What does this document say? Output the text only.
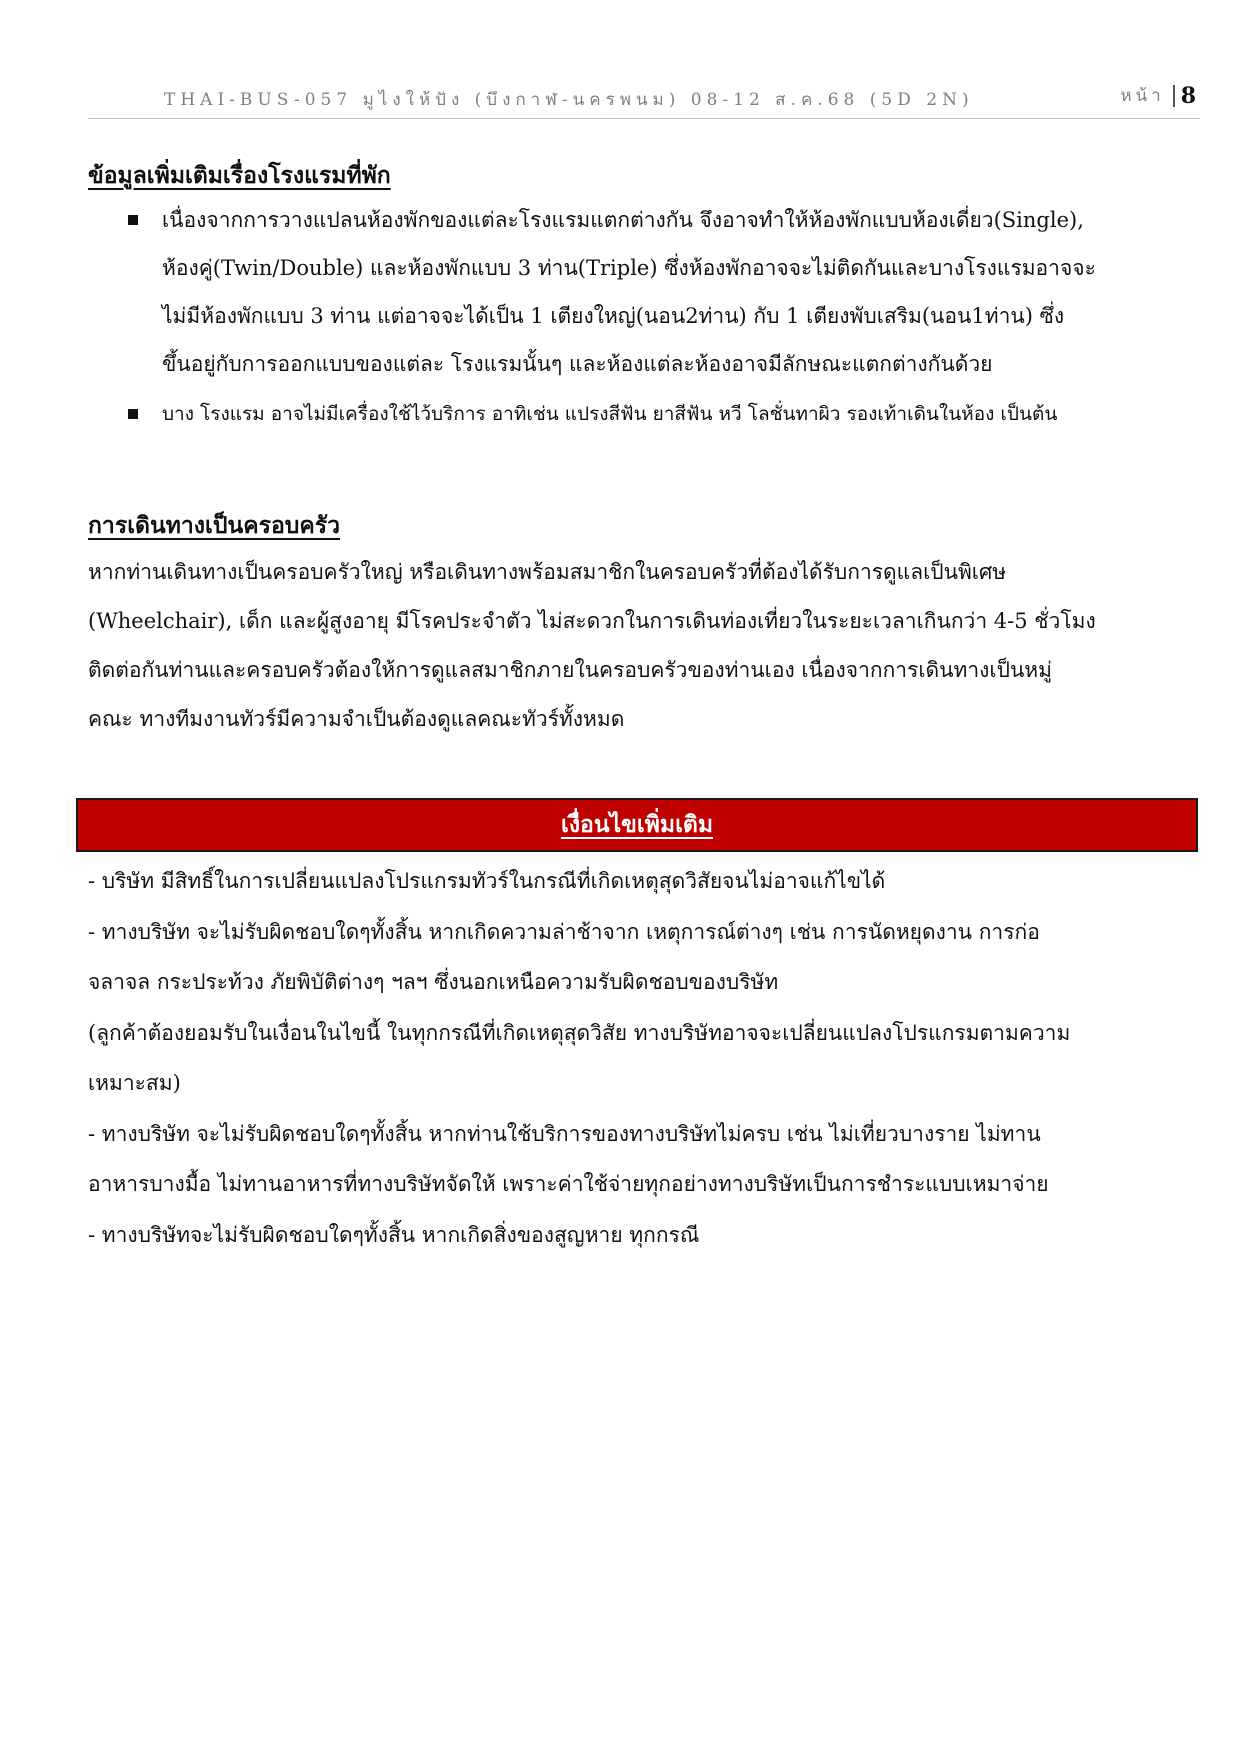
THAI-BUS-057 มูไงให้ปัง (บึงกาฬ-นครพนม) 08-12 ส.ค.68 (5D 2N)	หน้า 8
ข้อมูลเพิ่มเติมเรื่องโรงแรมที่พัก
เนื่องจากการวางแปลนห้องพักของแต่ละโรงแรมแตกต่างกัน จึงอาจทำให้ห้องพักแบบห้องเดี่ยว(Single),
ห้องคู่(Twin/Double) และห้องพักแบบ 3 ท่าน(Triple) ซึ่งห้องพักอาจจะไม่ติดกันและบางโรงแรมอาจจะ
ไม่มีห้องพักแบบ 3 ท่าน แต่อาจจะได้เป็น 1 เตียงใหญ่(นอน2ท่าน) กับ 1 เตียงพับเสริม(นอน1ท่าน) ซึ่ง
ขึ้นอยู่กับการออกแบบของแต่ละ โรงแรมนั้นๆ และห้องแต่ละห้องอาจมีลักษณะแตกต่างกันด้วย
บาง โรงแรม อาจไม่มีเครื่องใช้ไว้บริการ อาทิเช่น แปรงสีฟัน ยาสีฟัน หวี โลชั่นทาผิว รองเท้าเดินในห้อง เป็นต้น
การเดินทางเป็นครอบครัว

หากท่านเดินทางเป็นครอบครัวใหญ่ หรือเดินทางพร้อมสมาชิกในครอบครัวที่ต้องได้รับการดูแลเป็นพิเศษ
(Wheelchair), เด็ก และผู้สูงอายุ มีโรคประจำตัว ไม่สะดวกในการเดินท่องเที่ยวในระยะเวลาเกินกว่า 4-5 ชั่วโมง
ติดต่อกันท่านและครอบครัวต้องให้การดูแลสมาชิกภายในครอบครัวของท่านเอง เนื่องจากการเดินทางเป็นหมู่
คณะ ทางทีมงานทัวร์มีความจำเป็นต้องดูแลคณะทัวร์ทั้งหมด

เงื่อนไขเพิ่มเติม
- บริษัท มีสิทธิ์ในการเปลี่ยนแปลงโปรแกรมทัวร์ในกรณีที่เกิดเหตุสุดวิสัยจนไม่อาจแก้ไขได้
- ทางบริษัท จะไม่รับผิดชอบใดๆทั้งสิ้น หากเกิดความล่าช้าจาก เหตุการณ์ต่างๆ เช่น การนัดหยุดงาน การก่อ
จลาจล กระประท้วง ภัยพิบัติต่างๆ ฯลฯ ซึ่งนอกเหนือความรับผิดชอบของบริษัท
(ลูกค้าต้องยอมรับในเงื่อนในไขนี้ ในทุกกรณีที่เกิดเหตุสุดวิสัย ทางบริษัทอาจจะเปลี่ยนแปลงโปรแกรมตามความ
เหมาะสม)
- ทางบริษัท จะไม่รับผิดชอบใดๆทั้งสิ้น หากท่านใช้บริการของทางบริษัทไม่ครบ เช่น ไม่เที่ยวบางราย ไม่ทาน
อาหารบางมื้อ ไม่ทานอาหารที่ทางบริษัทจัดให้ เพราะค่าใช้จ่ายทุกอย่างทางบริษัทเป็นการชำระแบบเหมาจ่าย
- ทางบริษัทจะไม่รับผิดชอบใดๆทั้งสิ้น หากเกิดสิ่งของสูญหาย ทุกกรณี
